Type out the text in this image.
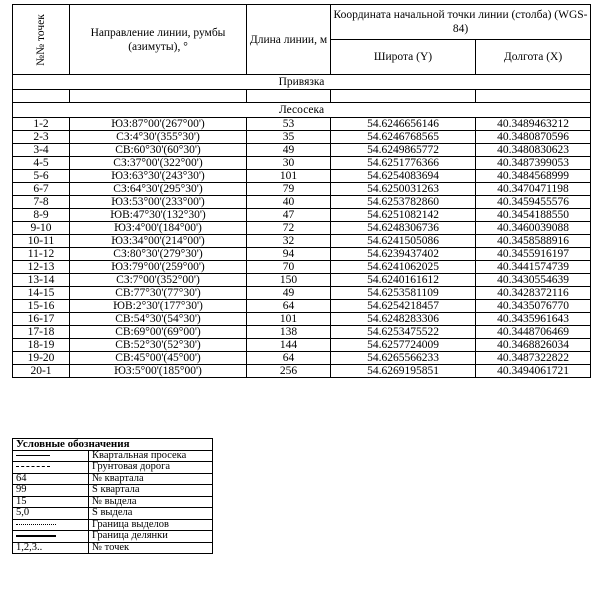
№№ точек	Направление линии, румбы (азимуты), °	Длина линии, м	Координата начальной точки линии (столба) (WGS-84)	
			Широта (Y)	Долгота (X)
Привязка				

Лесосека				
1-2	ЮЗ:87°00'(267°00')	53	54.6246656146	40.3489463212
2-3	СЗ:4°30'(355°30')	35	54.6246768565	40.3480870596
3-4	СВ:60°30'(60°30')	49	54.6249865772	40.3480830623
4-5	СЗ:37°00'(322°00')	30	54.6251776366	40.3487399053
5-6	ЮЗ:63°30'(243°30')	101	54.6254083694	40.3484568999
6-7	СЗ:64°30'(295°30')	79	54.6250031263	40.3470471198
7-8	ЮЗ:53°00'(233°00')	40	54.6253782860	40.3459455576
8-9	ЮВ:47°30'(132°30')	47	54.6251082142	40.3454188550
9-10	ЮЗ:4°00'(184°00')	72	54.6248306736	40.3460039088
10-11	ЮЗ:34°00'(214°00')	32	54.6241505086	40.3458588916
11-12	СЗ:80°30'(279°30')	94	54.6239437402	40.3455916197
12-13	ЮЗ:79°00'(259°00')	70	54.6241062025	40.3441574739
13-14	СЗ:7°00'(352°00')	150	54.6240161612	40.3430554639
14-15	СВ:77°30'(77°30')	49	54.6253581109	40.3428372116
15-16	ЮВ:2°30'(177°30')	64	54.6254218457	40.3435076770
16-17	СВ:54°30'(54°30')	101	54.6248283306	40.3435961643
17-18	СВ:69°00'(69°00')	138	54.6253475522	40.3448706469
18-19	СВ:52°30'(52°30')	144	54.6257724009	40.3468826034
19-20	СВ:45°00'(45°00')	64	54.6265566233	40.3487322822
20-1	ЮЗ:5°00'(185°00')	256	54.6269195851	40.3494061721
Условные обозначения	
	Квартальная просека
	Грунтовая дорога
64	№ квартала
99	S квартала
15	№ выдела
5,0	S выдела
	Граница выделов
	Граница делянки
1,2,3..	№ точек
